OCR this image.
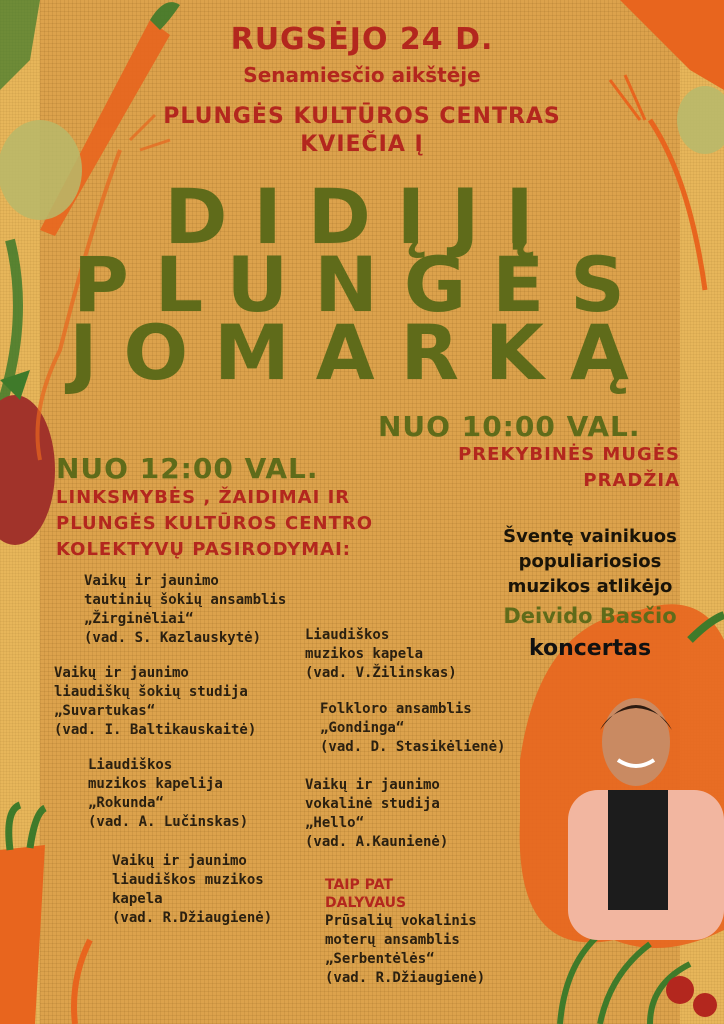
RUGSĖJO 24 D.
Senamiesčio aikštėje
PLUNGĖS KULTŪROS CENTRAS
KVIEČIA Į
DIDĮJĮ
PLUNGĖS
JOMARKĄ
NUO 10:00 VAL.
PREKYBINĖS MUGĖS
PRADŽIA
NUO 12:00 VAL.
LINKSMYBĖS , ŽAIDIMAI IR
PLUNGĖS KULTŪROS CENTRO
KOLEKTYVŲ PASIRODYMAI:
Vaikų ir jaunimo
tautinių šokių ansamblis
„Žirginėliai“
(vad. S. Kazlauskytė)
Vaikų ir jaunimo
liaudiškų šokių studija
„Suvartukas“
(vad. I. Baltikauskaitė)
Liaudiškos
muzikos kapelija
„Rokunda“
(vad. A. Lučinskas)
Vaikų ir jaunimo
liaudiškos muzikos
kapela
(vad. R.Džiaugienė)
Liaudiškos
muzikos kapela
(vad. V.Žilinskas)
Folkloro ansamblis
„Gondinga“
(vad. D. Stasikėlienė)
Vaikų ir jaunimo
vokalinė studija
„Hello“
(vad. A.Kaunienė)
TAIP PAT
DALYVAUS
Prūsalių vokalinis
moterų ansamblis
„Serbentėlės“
(vad. R.Džiaugienė)
Šventę vainikuos
populiariosios
muzikos atlikėjo
Deivido Basčio
koncertas
